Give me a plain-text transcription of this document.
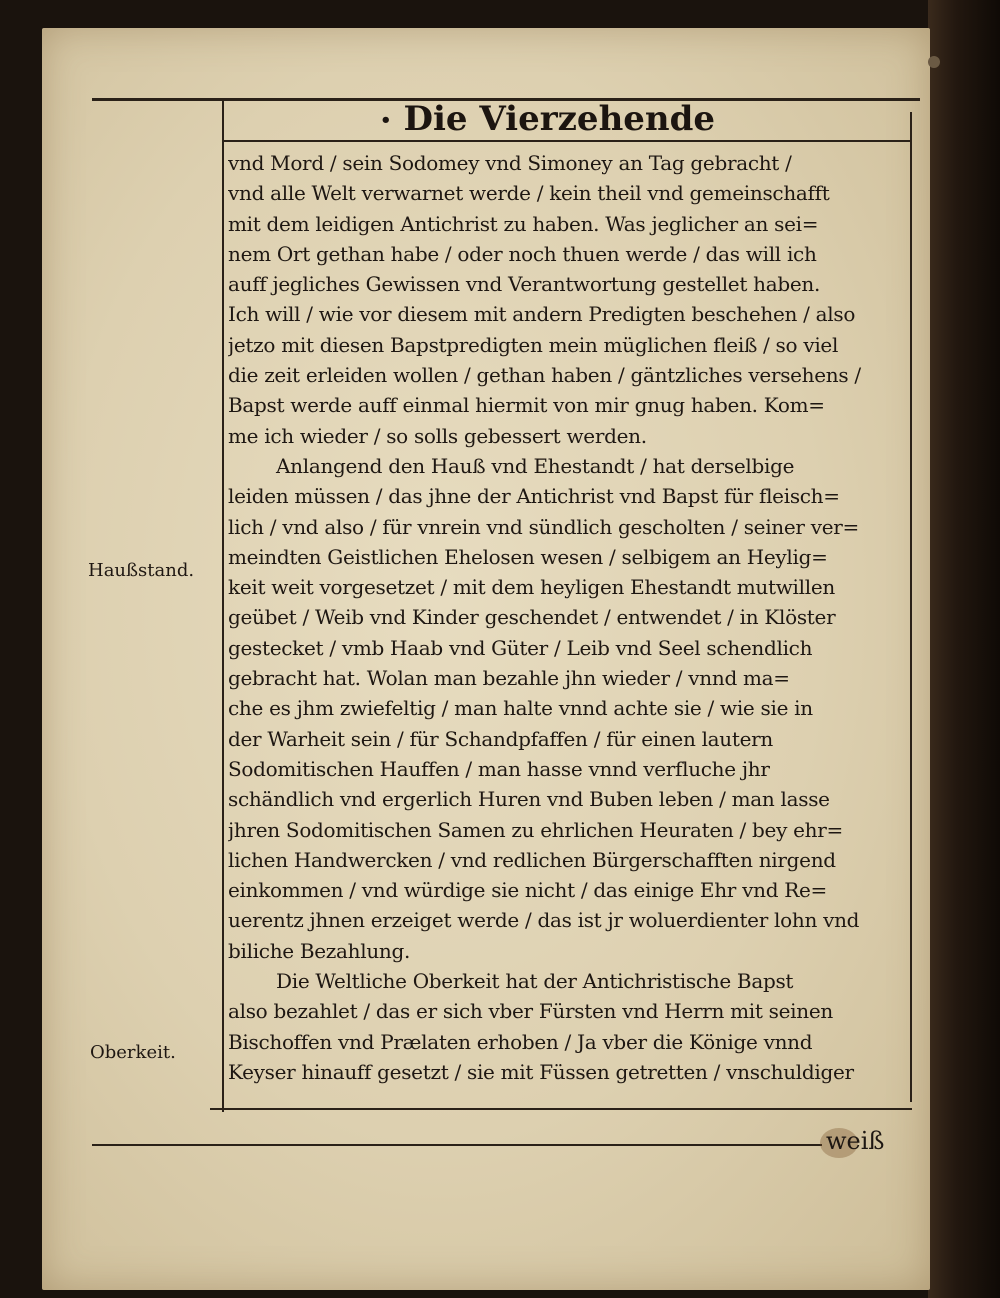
• Die Vierzehende
vnd Mord / sein Sodomey vnd Simoney an Tag gebracht /
vnd alle Welt verwarnet werde / kein theil vnd gemeinschafft
mit dem leidigen Antichrist zu haben. Was jeglicher an sei=
nem Ort gethan habe / oder noch thuen werde / das will ich
auff jegliches Gewissen vnd Verantwortung gestellet haben.
Ich will / wie vor diesem mit andern Predigten beschehen / also
jetzo mit diesen Bapstpredigten mein müglichen fleiß / so viel
die zeit erleiden wollen / gethan haben / gäntzliches versehens /
Bapst werde auff einmal hiermit von mir gnug haben. Kom=
me ich wieder / so solls gebessert werden.
Anlangend den Hauß vnd Ehestandt / hat derselbige
leiden müssen / das jhne der Antichrist vnd Bapst für fleisch=
lich / vnd also / für vnrein vnd sündlich gescholten / seiner ver=
meindten Geistlichen Ehelosen wesen / selbigem an Heylig=
keit weit vorgesetzet / mit dem heyligen Ehestandt mutwillen
geübet / Weib vnd Kinder geschendet / entwendet / in Klöster
gestecket / vmb Haab vnd Güter / Leib vnd Seel schendlich
gebracht hat. Wolan man bezahle jhn wieder / vnnd ma=
che es jhm zwiefeltig / man halte vnnd achte sie / wie sie in
der Warheit sein / für Schandpfaffen / für einen lautern
Sodomitischen Hauffen / man hasse vnnd verfluche jhr
schändlich vnd ergerlich Huren vnd Buben leben / man lasse
jhren Sodomitischen Samen zu ehrlichen Heuraten / bey ehr=
lichen Handwercken / vnd redlichen Bürgerschafften nirgend
einkommen / vnd würdige sie nicht / das einige Ehr vnd Re=
uerentz jhnen erzeiget werde / das ist jr woluerdienter lohn vnd
biliche Bezahlung.
Die Weltliche Oberkeit hat der Antichristische Bapst
also bezahlet / das er sich vber Fürsten vnd Herrn mit seinen
Bischoffen vnd Prælaten erhoben / Ja vber die Könige vnnd
Keyser hinauff gesetzt / sie mit Füssen getretten / vnschuldiger
Haußstand.
Oberkeit.
weiß
